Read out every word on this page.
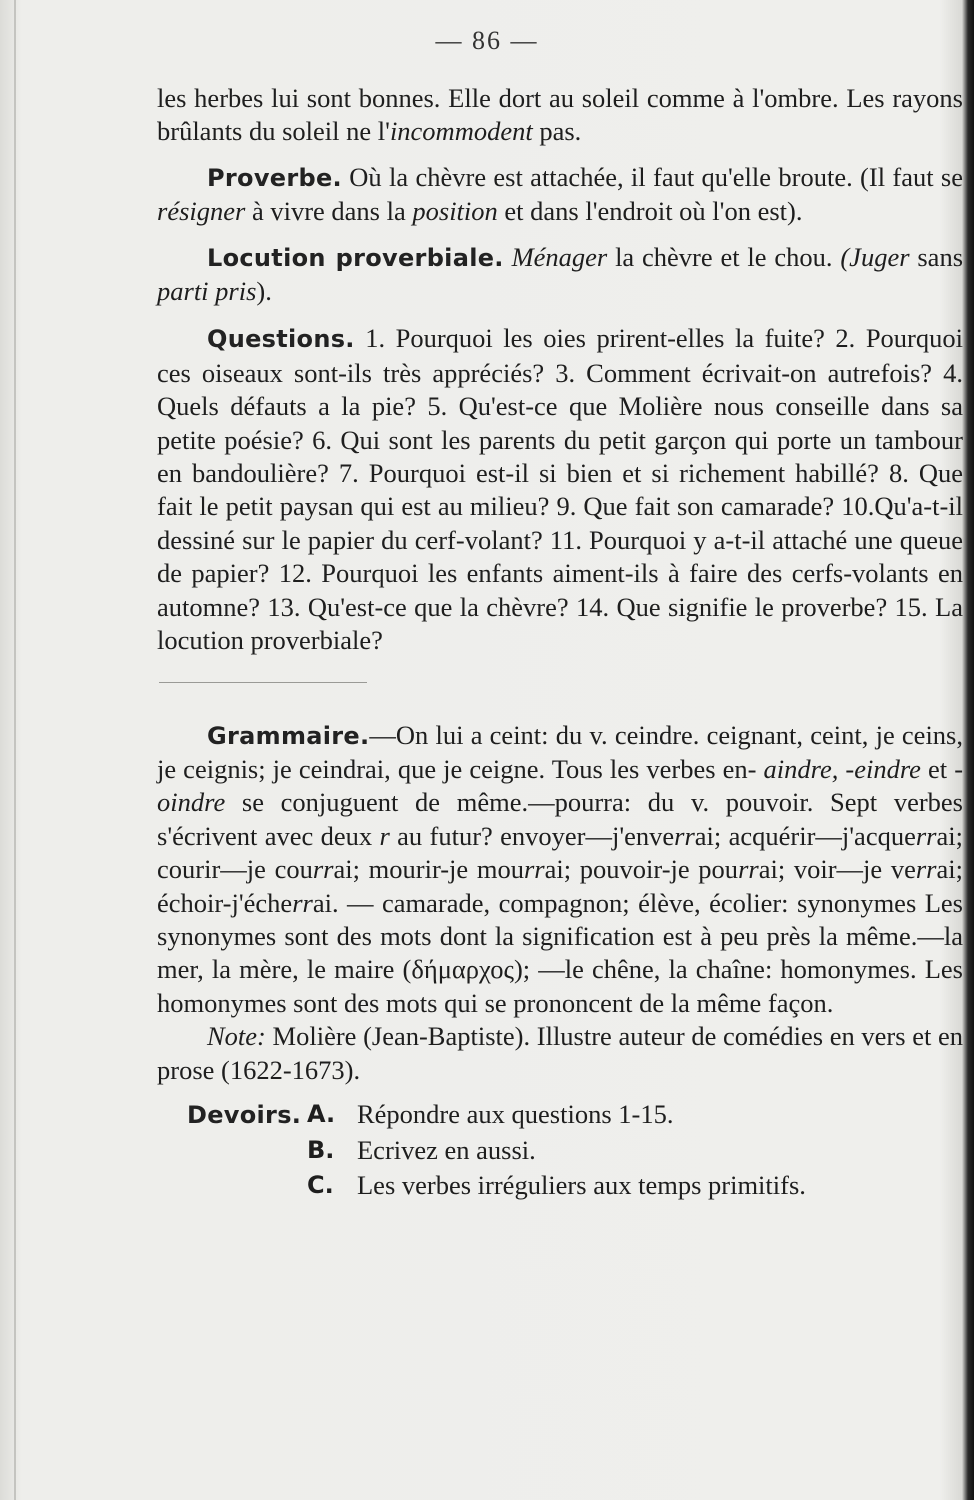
— 86 —

les herbes lui sont bonnes. Elle dort au soleil comme à l'ombre. Les rayons brûlants du soleil ne l'incommodent pas.

Proverbe. Où la chèvre est attachée, il faut qu'elle broute. (Il faut se résigner à vivre dans la position et dans l'endroit où l'on est).

Locution proverbiale. Ménager la chèvre et le chou. (Juger sans parti pris).

Questions. 1. Pourquoi les oies prirent-elles la fuite? 2. Pourquoi ces oiseaux sont-ils très appréciés? 3. Comment écrivait-on autrefois? 4. Quels défauts a la pie? 5. Qu'est-ce que Molière nous conseille dans sa petite poésie? 6. Qui sont les parents du petit garçon qui porte un tambour en bandoulière? 7. Pourquoi est-il si bien et si richement habillé? 8. Que fait le petit paysan qui est au milieu? 9. Que fait son camarade? 10.Qu'a-t-il dessiné sur le papier du cerf-volant? 11. Pourquoi y a-t-il attaché une queue de papier? 12. Pourquoi les enfants aiment-ils à faire des cerfs-volants en automne? 13. Qu'est-ce que la chèvre? 14. Que signifie le proverbe? 15. La locution proverbiale?

Grammaire.—On lui a ceint: du v. ceindre. ceignant, ceint, je ceins, je ceignis; je ceindrai, que je ceigne. Tous les verbes en- aindre, -eindre et -oindre se conjuguent de même.—pourra: du v. pouvoir. Sept verbes s'écrivent avec deux r au futur? envoyer—j'enverrai; acquérir—j'acquerrai; courir—je courrai; mourir-je mourrai; pouvoir-je pourrai; voir—je verrai; échoir-j'écherrai. — camarade, compagnon; élève, écolier: synonymes Les synonymes sont des mots dont la signification est à peu près la même.—la mer, la mère, le maire (δήμαρχος); —le chêne, la chaîne: homonymes. Les homonymes sont des mots qui se prononcent de la même façon.

Note: Molière (Jean-Baptiste). Illustre auteur de comédies en vers et en prose (1622-1673).

Devoirs. A. Répondre aux questions 1-15.
B. Ecrivez en aussi.
C. Les verbes irréguliers aux temps primitifs.
